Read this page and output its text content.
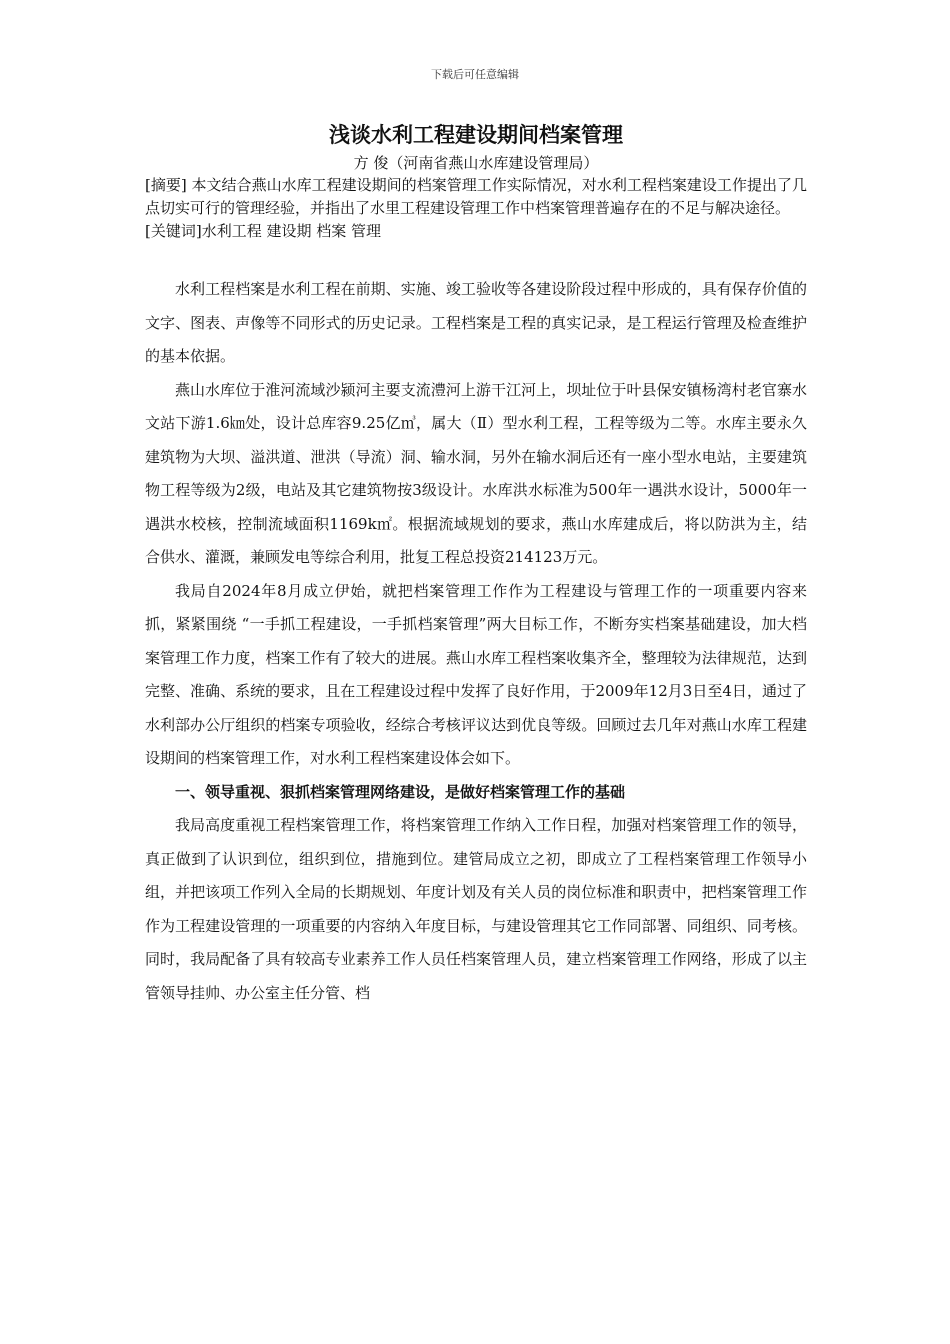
下载后可任意编辑
浅谈水利工程建设期间档案管理

方 俊（河南省燕山水库建设管理局）

[摘要] 本文结合燕山水库工程建设期间的档案管理工作实际情况，对水利工程档案建设工作提出了几点切实可行的管理经验，并指出了水里工程建设管理工作中档案管理普遍存在的不足与解决途径。

[关键词]水利工程 建设期 档案 管理

水利工程档案是水利工程在前期、实施、竣工验收等各建设阶段过程中形成的，具有保存价值的文字、图表、声像等不同形式的历史记录。工程档案是工程的真实记录，是工程运行管理及检查维护的基本依据。

燕山水库位于淮河流域沙颍河主要支流澧河上游干江河上，坝址位于叶县保安镇杨湾村老官寨水文站下游1.6㎞处，设计总库容9.25亿㎥，属大（Ⅱ）型水利工程，工程等级为二等。水库主要永久建筑物为大坝、溢洪道、泄洪（导流）洞、输水洞，另外在输水洞后还有一座小型水电站，主要建筑物工程等级为2级，电站及其它建筑物按3级设计。水库洪水标准为500年一遇洪水设计，5000年一遇洪水校核，控制流域面积1169k㎡。根据流域规划的要求，燕山水库建成后，将以防洪为主，结合供水、灌溉，兼顾发电等综合利用，批复工程总投资214123万元。

我局自2024年8月成立伊始，就把档案管理工作作为工程建设与管理工作的一项重要内容来抓，紧紧围绕 “一手抓工程建设，一手抓档案管理”两大目标工作，不断夯实档案基础建设，加大档案管理工作力度，档案工作有了较大的进展。燕山水库工程档案收集齐全，整理较为法律规范，达到完整、准确、系统的要求，且在工程建设过程中发挥了良好作用，于2009年12月3日至4日，通过了水利部办公厅组织的档案专项验收，经综合考核评议达到优良等级。回顾过去几年对燕山水库工程建设期间的档案管理工作，对水利工程档案建设体会如下。

一、领导重视、狠抓档案管理网络建设，是做好档案管理工作的基础

我局高度重视工程档案管理工作，将档案管理工作纳入工作日程，加强对档案管理工作的领导，真正做到了认识到位，组织到位，措施到位。建管局成立之初，即成立了工程档案管理工作领导小组，并把该项工作列入全局的长期规划、年度计划及有关人员的岗位标准和职责中，把档案管理工作作为工程建设管理的一项重要的内容纳入年度目标，与建设管理其它工作同部署、同组织、同考核。同时，我局配备了具有较高专业素养工作人员任档案管理人员，建立档案管理工作网络，形成了以主管领导挂帅、办公室主任分管、档
